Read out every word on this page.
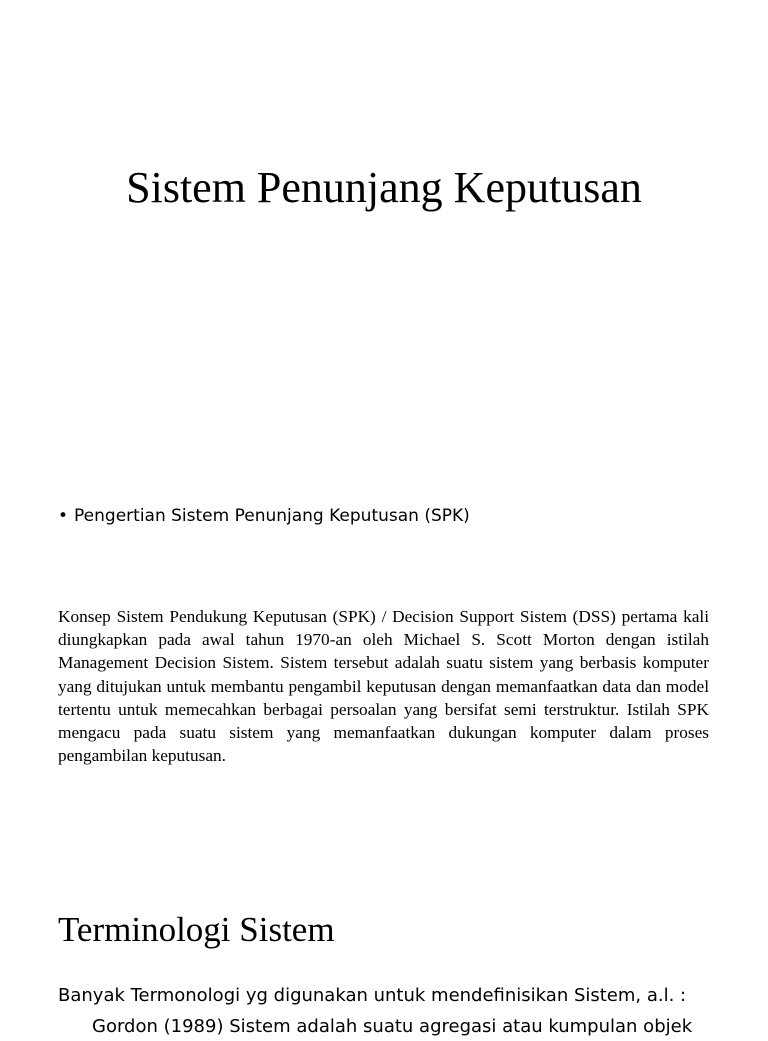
Sistem Penunjang Keputusan
• Pengertian Sistem Penunjang Keputusan (SPK)

Konsep Sistem Pendukung Keputusan (SPK) / Decision Support Sistem (DSS) pertama kali diungkapkan pada awal tahun 1970-an oleh Michael S. Scott Morton dengan istilah Management Decision Sistem. Sistem tersebut adalah suatu sistem yang berbasis komputer yang ditujukan untuk membantu pengambil keputusan dengan memanfaatkan data dan model tertentu untuk memecahkan berbagai persoalan yang bersifat semi terstruktur. Istilah SPK mengacu pada suatu sistem yang memanfaatkan dukungan komputer dalam proses pengambilan keputusan.

Terminologi Sistem
Banyak Termonologi yg digunakan untuk mendefinisikan Sistem, a.l. :
Gordon (1989) Sistem adalah suatu agregasi atau kumpulan objek
